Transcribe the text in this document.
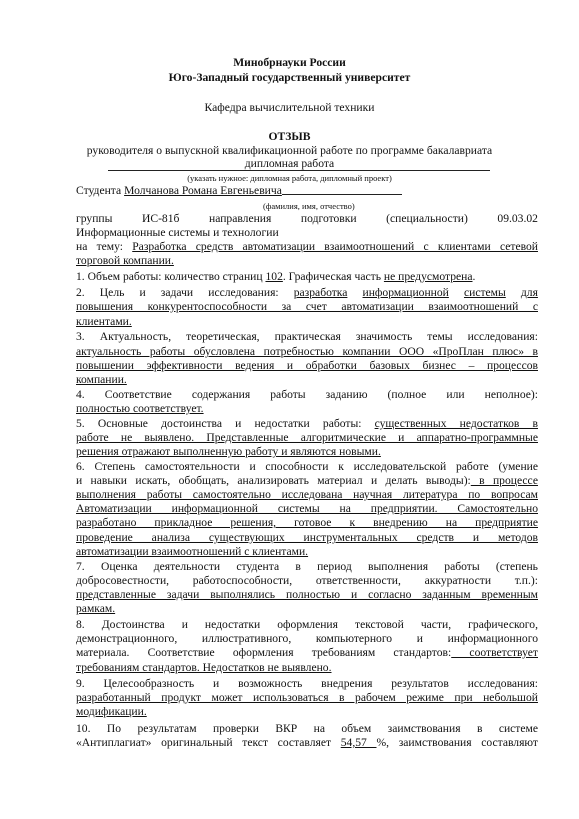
Минобрнауки России
Юго-Западный государственный университет
Кафедра вычислительной техники
ОТЗЫВ
руководителя о выпускной квалификационной работе по программе бакалавриата
дипломная работа
(указать нужное: дипломная работа, дипломный проект)
Студента Молчанова Романа Евгеньевича
(фамилия, имя, отчество)
группы	ИС-81б	направления	подготовки	(специальности)	09.03.02
Информационные системы и технологии
на тему: Разработка средств автоматизации взаимоотношений с клиентами сетевой
торговой компании.
1. Объем работы: количество страниц 102. Графическая часть не предусмотрена.
2. Цель и задачи исследования: разработка информационной системы для
повышения конкурентоспособности за счет автоматизации взаимоотношений с
клиентами.
3. Актуальность, теоретическая, практическая значимость темы исследования:
актуальность работы обусловлена потребностью компании ООО «ПроПлан плюс» в
повышении эффективности ведения и обработки базовых бизнес – процессов
компании.
4. Соответствие содержания работы заданию (полное или неполное):
полностью соответствует.
5. Основные достоинства и недостатки работы: существенных недостатков в
работе не выявлено. Представленные алгоритмические и аппаратно-программные
решения отражают выполненную работу и являются новыми.
6. Степень самостоятельности и способности к исследовательской работе (умение
и навыки искать, обобщать, анализировать материал и делать выводы): в процессе
выполнения работы самостоятельно исследована научная литература по вопросам
Автоматизации информационной системы на предприятии. Самостоятельно
разработано прикладное решения, готовое к внедрению на предприятие
проведение анализа существующих инструментальных средств и методов
автоматизации взаимоотношений с клиентами.
7. Оценка деятельности студента в период выполнения работы (степень
добросовестности, работоспособности, ответственности, аккуратности т.п.):
представленные задачи выполнялись полностью и согласно заданным временным
рамкам.
8. Достоинства и недостатки оформления текстовой части, графического,
демонстрационного, иллюстративного, компьютерного и информационного
материала. Соответствие оформления требованиям стандартов: соответствует
требованиям стандартов. Недостатков не выявлено.
9. Целесообразность и возможность внедрения результатов исследования:
разработанный продукт может использоваться в рабочем режиме при небольшой
модификации.
10. По результатам проверки ВКР на объем заимствования в системе
«Антиплагиат» оригинальный текст составляет 54,57 %, заимствования составляют
